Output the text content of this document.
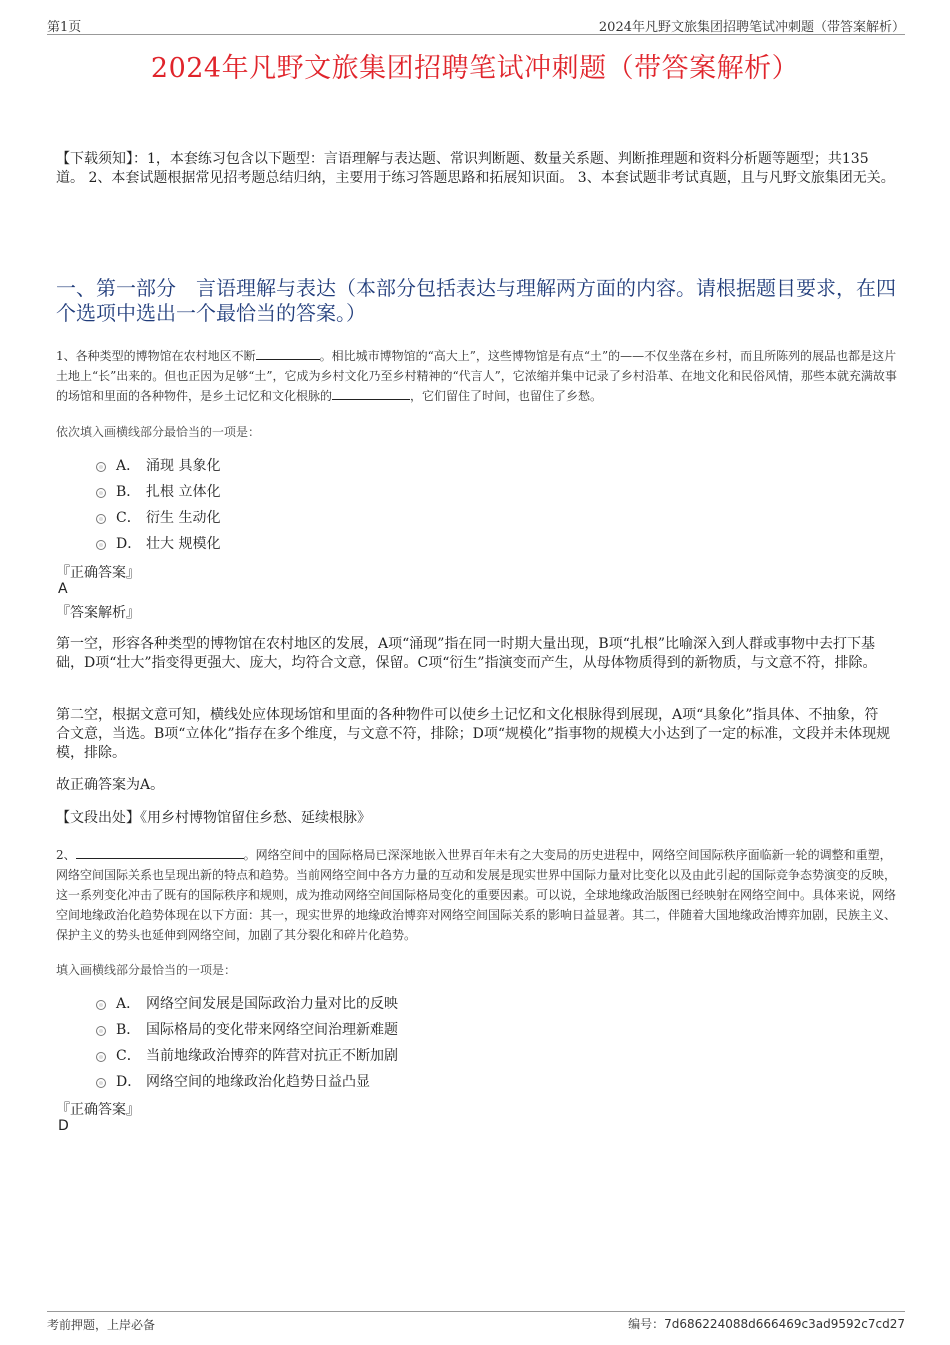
第1页	2024年凡野文旅集团招聘笔试冲刺题（带答案解析）
2024年凡野文旅集团招聘笔试冲刺题（带答案解析）
【下载须知】：1，本套练习包含以下题型：言语理解与表达题、常识判断题、数量关系题、判断推理题和资料分析题等题型；共135道。 2、本套试题根据常见招考题总结归纳，主要用于练习答题思路和拓展知识面。 3、本套试题非考试真题，且与凡野文旅集团无关。
一、第一部分　言语理解与表达（本部分包括表达与理解两方面的内容。请根据题目要求，在四个选项中选出一个最恰当的答案。）
1、各种类型的博物馆在农村地区不断	。相比城市博物馆的“高大上”，这些博物馆是有点“土”的——不仅坐落在乡村，而且所陈列的展品也都是这片土地上“长”出来的。但也正因为足够“土”，它成为乡村文化乃至乡村精神的“代言人”，它浓缩并集中记录了乡村沿革、在地文化和民俗风情，那些本就充满故事的场馆和里面的各种物件，是乡土记忆和文化根脉的	，它们留住了时间，也留住了乡愁。
依次填入画横线部分最恰当的一项是：
A． 涌现 具象化
B． 扎根 立体化
C． 衍生 生动化
D． 壮大 规模化
『正确答案』
A
『答案解析』
第一空，形容各种类型的博物馆在农村地区的发展，A项“涌现”指在同一时期大量出现，B项“扎根”比喻深入到人群或事物中去打下基础，D项“壮大”指变得更强大、庞大，均符合文意，保留。C项“衍生”指演变而产生，从母体物质得到的新物质，与文意不符，排除。
第二空，根据文意可知，横线处应体现场馆和里面的各种物件可以使乡土记忆和文化根脉得到展现，A项“具象化”指具体、不抽象，符合文意，当选。B项“立体化”指存在多个维度，与文意不符，排除；D项“规模化”指事物的规模大小达到了一定的标准，文段并未体现规模，排除。
故正确答案为A。
【文段出处】《用乡村博物馆留住乡愁、延续根脉》
2、	。网络空间中的国际格局已深深地嵌入世界百年未有之大变局的历史进程中，网络空间国际秩序面临新一轮的调整和重塑，网络空间国际关系也呈现出新的特点和趋势。当前网络空间中各方力量的互动和发展是现实世界中国际力量对比变化以及由此引起的国际竞争态势演变的反映，这一系列变化冲击了既有的国际秩序和规则，成为推动网络空间国际格局变化的重要因素。可以说，全球地缘政治版图已经映射在网络空间中。具体来说，网络空间地缘政治化趋势体现在以下方面：其一，现实世界的地缘政治博弈对网络空间国际关系的影响日益显著。其二，伴随着大国地缘政治博弈加剧，民族主义、保护主义的势头也延伸到网络空间，加剧了其分裂化和碎片化趋势。
填入画横线部分最恰当的一项是：
A． 网络空间发展是国际政治力量对比的反映
B． 国际格局的变化带来网络空间治理新难题
C． 当前地缘政治博弈的阵营对抗正不断加剧
D． 网络空间的地缘政治化趋势日益凸显
『正确答案』
D
考前押题，上岸必备	编号：7d686224088d666469c3ad9592c7cd27
